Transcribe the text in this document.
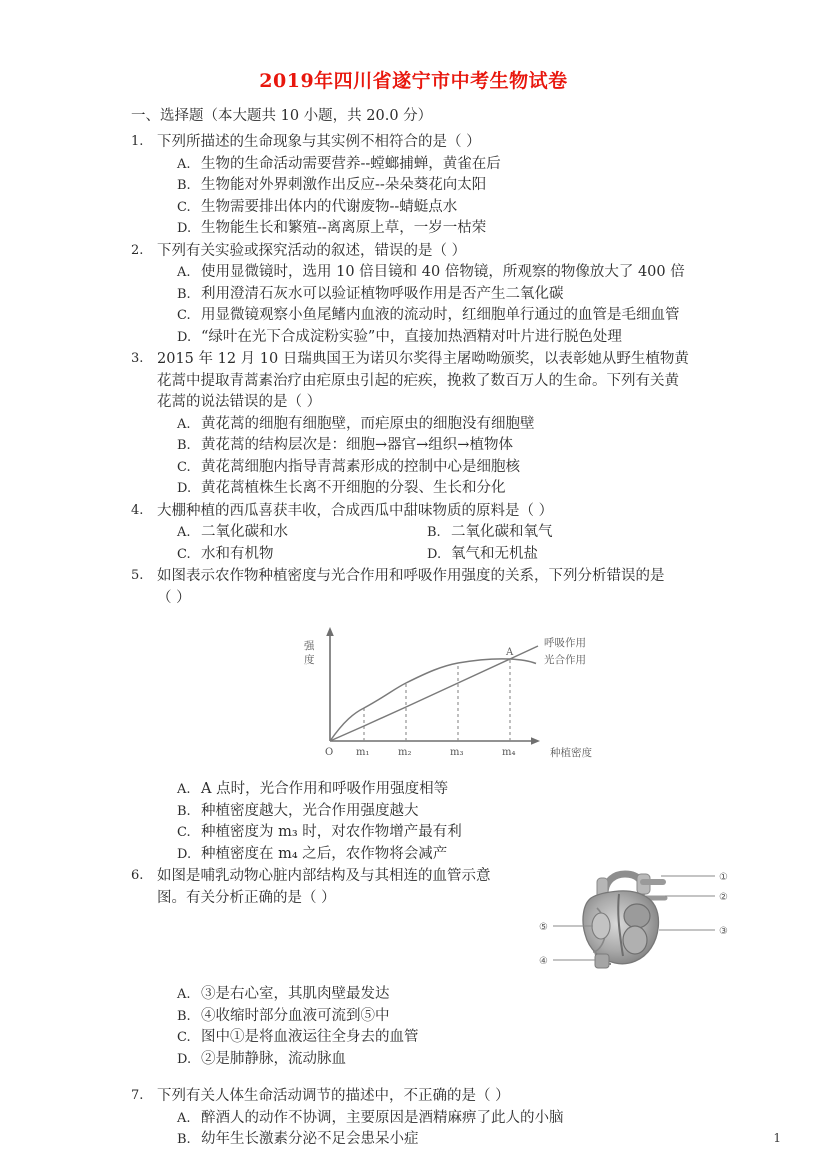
2019年四川省遂宁市中考生物试卷
一、选择题（本大题共 10 小题，共 20.0 分）
1. 下列所描述的生命现象与其实例不相符合的是（ ）
A. 生物的生命活动需要营养--螳螂捕蝉，黄雀在后
B. 生物能对外界刺激作出反应--朵朵葵花向太阳
C. 生物需要排出体内的代谢废物--蜻蜓点水
D. 生物能生长和繁殖--离离原上草，一岁一枯荣
2. 下列有关实验或探究活动的叙述，错误的是（ ）
A. 使用显微镜时，选用 10 倍目镜和 40 倍物镜，所观察的物像放大了 400 倍
B. 利用澄清石灰水可以验证植物呼吸作用是否产生二氧化碳
C. 用显微镜观察小鱼尾鳍内血液的流动时，红细胞单行通过的血管是毛细血管
D. “绿叶在光下合成淀粉实验”中，直接加热酒精对叶片进行脱色处理
3. 2015 年 12 月 10 日瑞典国王为诺贝尔奖得主屠呦呦颁奖，以表彰她从野生植物黄
花蒿中提取青蒿素治疗由疟原虫引起的疟疾，挽救了数百万人的生命。下列有关黄
花蒿的说法错误的是（ ）
A. 黄花蒿的细胞有细胞壁，而疟原虫的细胞没有细胞壁
B. 黄花蒿的结构层次是：细胞→器官→组织→植物体
C. 黄花蒿细胞内指导青蒿素形成的控制中心是细胞核
D. 黄花蒿植株生长离不开细胞的分裂、生长和分化
4. 大棚种植的西瓜喜获丰收，合成西瓜中甜味物质的原料是（ ）
A. 二氧化碳和水	B. 二氧化碳和氧气
C. 水和有机物	D. 氧气和无机盐
5. 如图表示农作物种植密度与光合作用和呼吸作用强度的关系，下列分析错误的是
（ ）
A
强
度
O m₁	m₂	m₃	m₄	种植密度
呼吸作用
光合作用
A. A 点时，光合作用和呼吸作用强度相等
B. 种植密度越大，光合作用强度越大
C. 种植密度为 m₃ 时，对农作物增产最有利
D. 种植密度在 m₄ 之后，农作物将会减产
6. 如图是哺乳动物心脏内部结构及与其相连的血管示意
图。有关分析正确的是（ ）
①
②
③
⑤
④
A. ③是右心室，其肌肉壁最发达
B. ④收缩时部分血液可流到⑤中
C. 图中①是将血液运往全身去的血管
D. ②是肺静脉，流动脉血
7. 下列有关人体生命活动调节的描述中，不正确的是（ ）
A. 醉酒人的动作不协调，主要原因是酒精麻痹了此人的小脑
B. 幼年生长激素分泌不足会患呆小症	1
